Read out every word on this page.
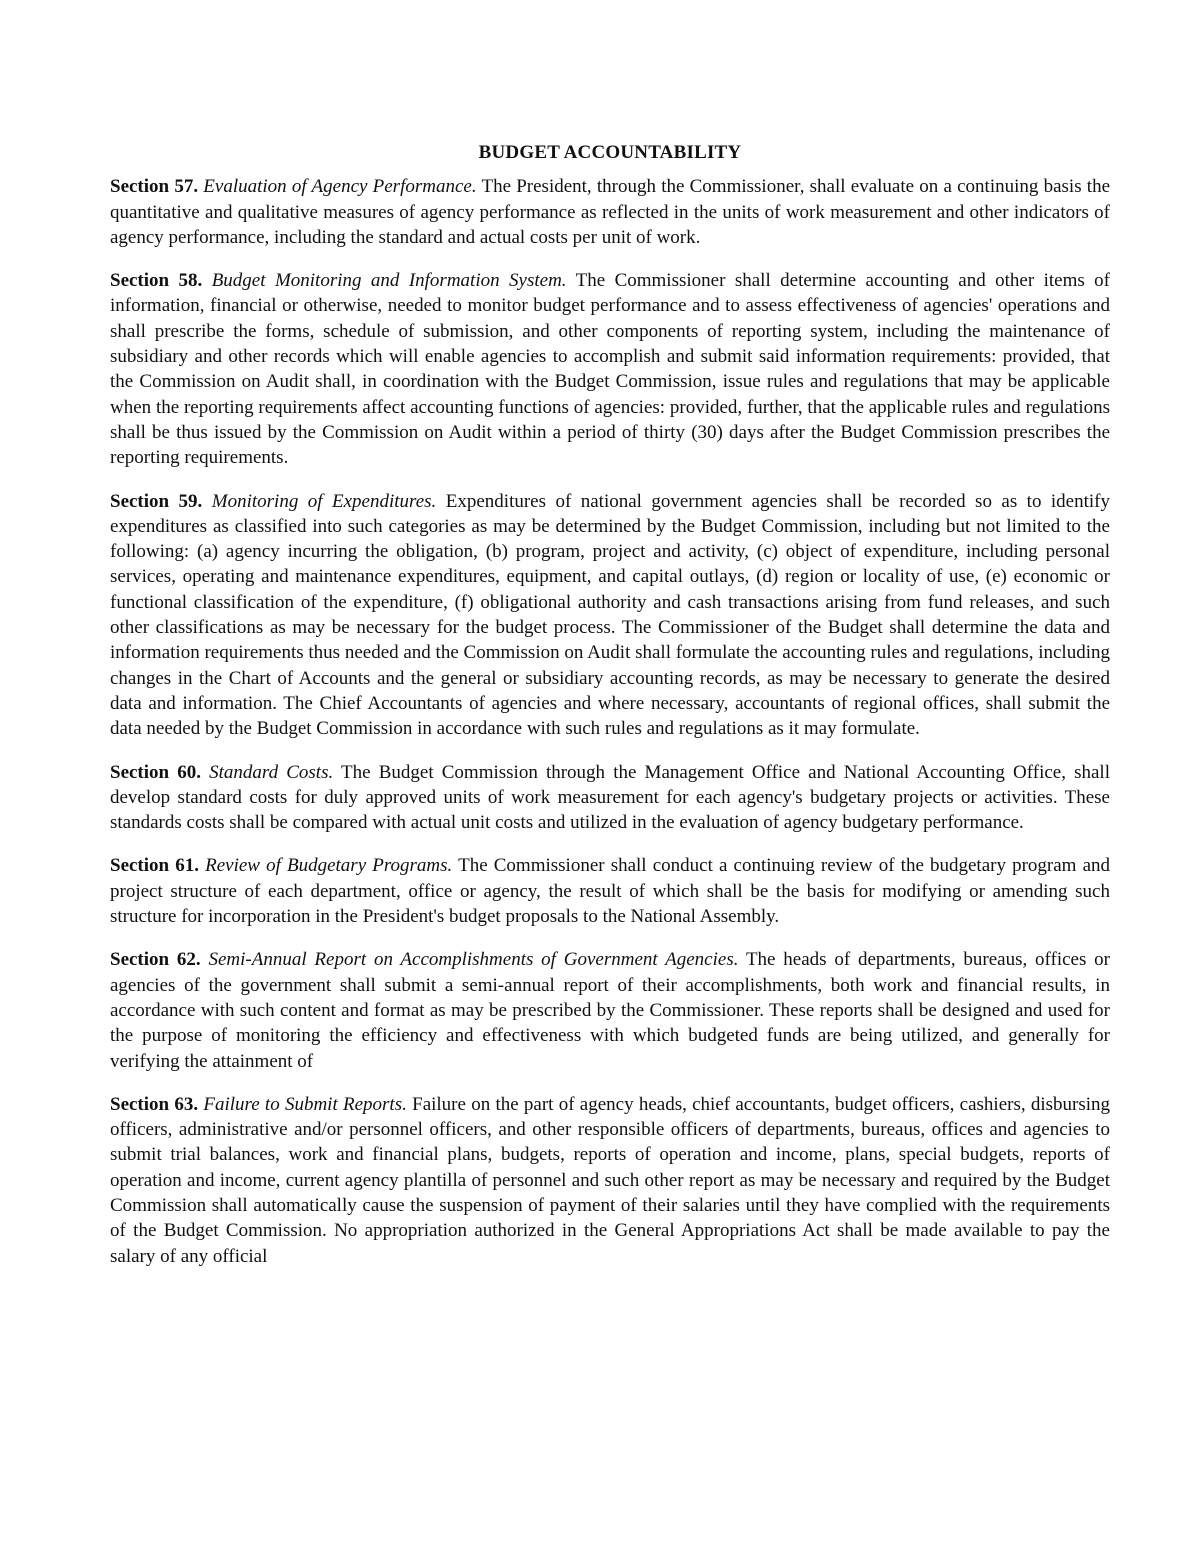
BUDGET ACCOUNTABILITY

Section 57. Evaluation of Agency Performance. The President, through the Commissioner, shall evaluate on a continuing basis the quantitative and qualitative measures of agency performance as reflected in the units of work measurement and other indicators of agency performance, including the standard and actual costs per unit of work.

Section 58. Budget Monitoring and Information System. The Commissioner shall determine accounting and other items of information, financial or otherwise, needed to monitor budget performance and to assess effectiveness of agencies' operations and shall prescribe the forms, schedule of submission, and other components of reporting system, including the maintenance of subsidiary and other records which will enable agencies to accomplish and submit said information requirements: provided, that the Commission on Audit shall, in coordination with the Budget Commission, issue rules and regulations that may be applicable when the reporting requirements affect accounting functions of agencies: provided, further, that the applicable rules and regulations shall be thus issued by the Commission on Audit within a period of thirty (30) days after the Budget Commission prescribes the reporting requirements.

Section 59. Monitoring of Expenditures. Expenditures of national government agencies shall be recorded so as to identify expenditures as classified into such categories as may be determined by the Budget Commission, including but not limited to the following: (a) agency incurring the obligation, (b) program, project and activity, (c) object of expenditure, including personal services, operating and maintenance expenditures, equipment, and capital outlays, (d) region or locality of use, (e) economic or functional classification of the expenditure, (f) obligational authority and cash transactions arising from fund releases, and such other classifications as may be necessary for the budget process. The Commissioner of the Budget shall determine the data and information requirements thus needed and the Commission on Audit shall formulate the accounting rules and regulations, including changes in the Chart of Accounts and the general or subsidiary accounting records, as may be necessary to generate the desired data and information. The Chief Accountants of agencies and where necessary, accountants of regional offices, shall submit the data needed by the Budget Commission in accordance with such rules and regulations as it may formulate.

Section 60. Standard Costs. The Budget Commission through the Management Office and National Accounting Office, shall develop standard costs for duly approved units of work measurement for each agency's budgetary projects or activities. These standards costs shall be compared with actual unit costs and utilized in the evaluation of agency budgetary performance.

Section 61. Review of Budgetary Programs. The Commissioner shall conduct a continuing review of the budgetary program and project structure of each department, office or agency, the result of which shall be the basis for modifying or amending such structure for incorporation in the President's budget proposals to the National Assembly.

Section 62. Semi-Annual Report on Accomplishments of Government Agencies. The heads of departments, bureaus, offices or agencies of the government shall submit a semi-annual report of their accomplishments, both work and financial results, in accordance with such content and format as may be prescribed by the Commissioner. These reports shall be designed and used for the purpose of monitoring the efficiency and effectiveness with which budgeted funds are being utilized, and generally for verifying the attainment of

Section 63. Failure to Submit Reports. Failure on the part of agency heads, chief accountants, budget officers, cashiers, disbursing officers, administrative and/or personnel officers, and other responsible officers of departments, bureaus, offices and agencies to submit trial balances, work and financial plans, budgets, reports of operation and income, plans, special budgets, reports of operation and income, current agency plantilla of personnel and such other report as may be necessary and required by the Budget Commission shall automatically cause the suspension of payment of their salaries until they have complied with the requirements of the Budget Commission. No appropriation authorized in the General Appropriations Act shall be made available to pay the salary of any official
